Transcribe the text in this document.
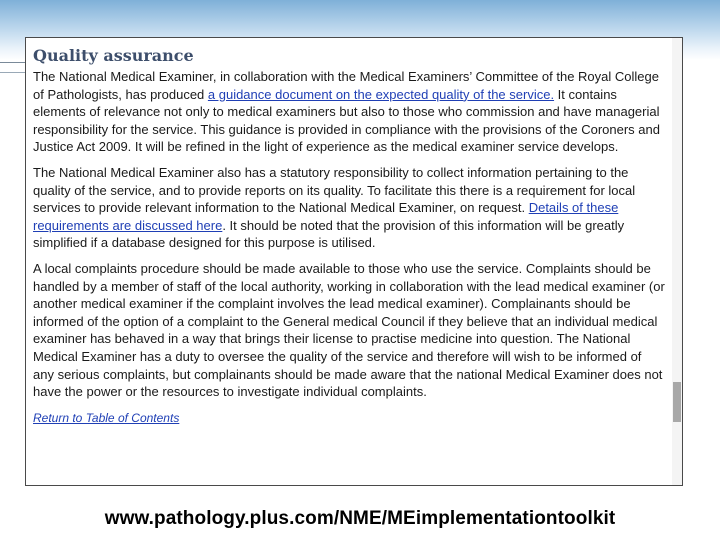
Quality assurance

The National Medical Examiner, in collaboration with the Medical Examiners’ Committee of the Royal College of Pathologists, has produced a guidance document on the expected quality of the service. It contains elements of relevance not only to medical examiners but also to those who commission and have managerial responsibility for the service. This guidance is provided in compliance with the provisions of the Coroners and Justice Act 2009. It will be refined in the light of experience as the medical examiner service develops.

The National Medical Examiner also has a statutory responsibility to collect information pertaining to the quality of the service, and to provide reports on its quality. To facilitate this there is a requirement for local services to provide relevant information to the National Medical Examiner, on request. Details of these requirements are discussed here. It should be noted that the provision of this information will be greatly simplified if a database designed for this purpose is utilised.

A local complaints procedure should be made available to those who use the service. Complaints should be handled by a member of staff of the local authority, working in collaboration with the lead medical examiner (or another medical examiner if the complaint involves the lead medical examiner). Complainants should be informed of the option of a complaint to the General medical Council if they believe that an individual medical examiner has behaved in a way that brings their license to practise medicine into question. The National Medical Examiner has a duty to oversee the quality of the service and therefore will wish to be informed of any serious complaints, but complainants should be made aware that the national Medical Examiner does not have the power or the resources to investigate individual complaints.

Return to Table of Contents
www.pathology.plus.com/NME/MEimplementationtoolkit
